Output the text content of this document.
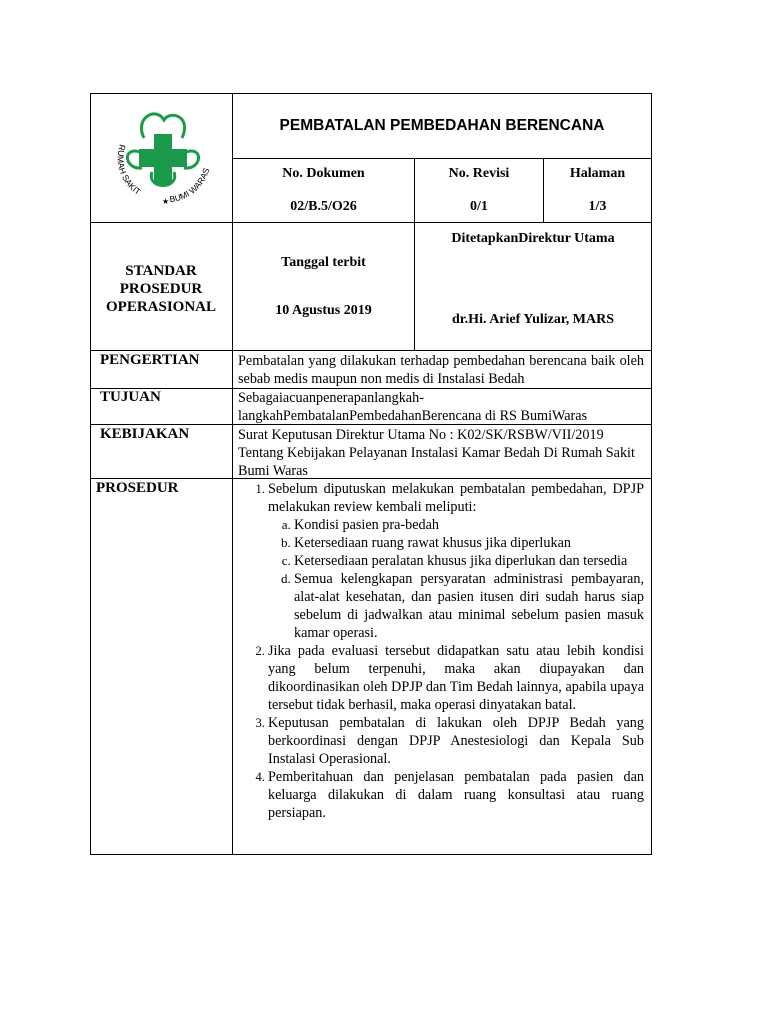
RUMAH SAKIT
BUMI WARAS
★
PEMBATALAN PEMBEDAHAN BERENCANA
No. Dokumen
02/B.5/O26
No. Revisi
0/1
Halaman
1/3
STANDAR PROSEDUR OPERASIONAL
Tanggal terbit
10 Agustus 2019
DitetapkanDirektur Utama
dr.Hi. Arief Yulizar, MARS
PENGERTIAN
TUJUAN
KEBIJAKAN
PROSEDUR
Pembatalan yang dilakukan terhadap pembedahan berencana baik oleh sebab medis maupun non medis di Instalasi Bedah
Sebagaiacuanpenerapanlangkah-
langkahPembatalanPembedahanBerencana di RS BumiWaras
Surat Keputusan Direktur Utama No : K02/SK/RSBW/VII/2019 Tentang Kebijakan Pelayanan Instalasi Kamar Bedah Di Rumah Sakit Bumi Waras
1. Sebelum diputuskan melakukan pembatalan pembedahan, DPJP melakukan review kembali meliputi:
a. Kondisi pasien pra-bedah
b. Ketersediaan ruang rawat khusus jika diperlukan
c. Ketersediaan peralatan khusus jika diperlukan dan tersedia
d. Semua kelengkapan persyaratan administrasi pembayaran, alat-alat kesehatan, dan pasien itusen diri sudah harus siap sebelum di jadwalkan atau minimal sebelum pasien masuk kamar operasi.
2. Jika pada evaluasi tersebut didapatkan satu atau lebih kondisi yang belum terpenuhi, maka akan diupayakan dan dikoordinasikan oleh DPJP dan Tim Bedah lainnya, apabila upaya tersebut tidak berhasil, maka operasi dinyatakan batal.
3. Keputusan pembatalan di lakukan oleh DPJP Bedah yang berkoordinasi dengan DPJP Anestesiologi dan Kepala Sub Instalasi Operasional.
4. Pemberitahuan dan penjelasan pembatalan pada pasien dan keluarga dilakukan di dalam ruang konsultasi atau ruang persiapan.
